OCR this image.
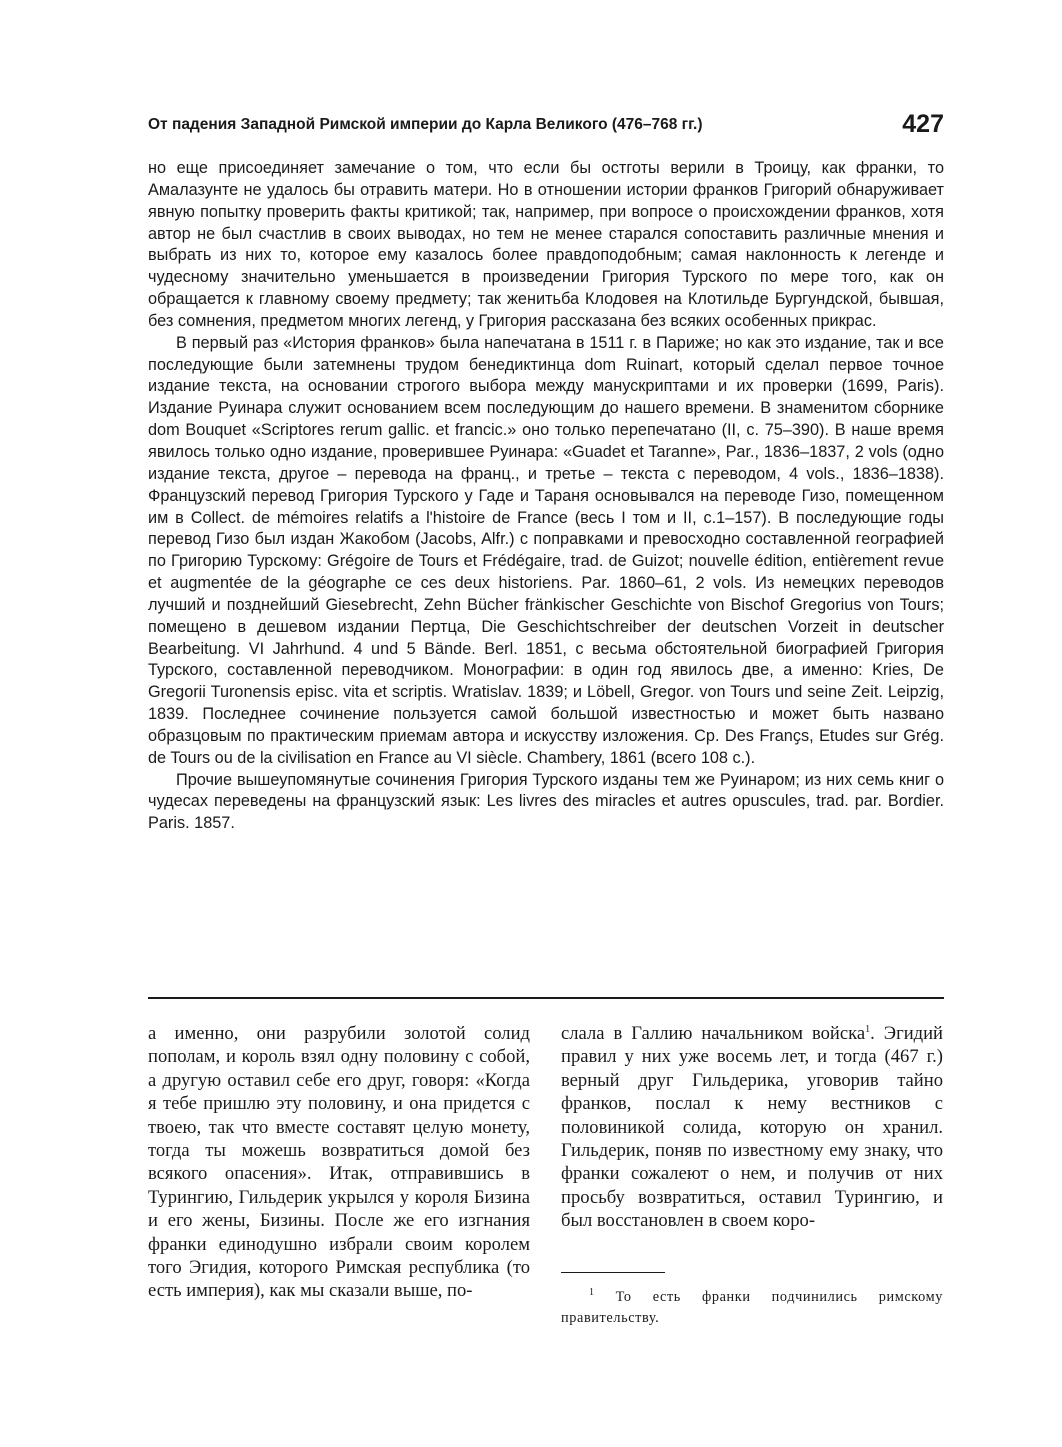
От падения Западной Римской империи до Карла Великого (476–768 гг.)	427

но еще присоединяет замечание о том, что если бы остготы верили в Троицу, как франки, то Амалазунте не удалось бы отравить матери. Но в отношении истории франков Григорий обнаруживает явную попытку проверить факты критикой; так, например, при вопросе о происхождении франков, хотя автор не был счастлив в своих выводах, но тем не менее старался сопоставить различные мнения и выбрать из них то, которое ему казалось более правдоподобным; самая наклонность к легенде и чудесному значительно уменьшается в произведении Григория Турского по мере того, как он обращается к главному своему предмету; так женитьба Клодовея на Клотильде Бургундской, бывшая, без сомнения, предметом многих легенд, у Григория рассказана без всяких особенных прикрас.

В первый раз «История франков» была напечатана в 1511 г. в Париже; но как это издание, так и все последующие были затемнены трудом бенедиктинца dom Ruinart, который сделал первое точное издание текста, на основании строгого выбора между манускриптами и их проверки (1699, Paris). Издание Руинара служит основанием всем последующим до нашего времени. В знаменитом сборнике dom Bouquet «Scriptores rerum gallic. et francic.» оно только перепечатано (II, с. 75–390). В наше время явилось только одно издание, проверившее Руинара: «Guadet et Taranne», Par., 1836–1837, 2 vols (одно издание текста, другое – перевода на франц., и третье – текста с переводом, 4 vols., 1836–1838). Французский перевод Григория Турского у Гаде и Тараня основывался на переводе Гизо, помещенном им в Collect. de mémoires relatifs a l'histoire de France (весь I том и II, с.1–157). В последующие годы перевод Гизо был издан Жакобом (Jacobs, Alfr.) с поправками и превосходно составленной географией по Григорию Турскому: Grégoire de Tours et Frédégaire, trad. de Guizot; nouvelle édition, entièrement revue et augmentée de la géographe ce ces deux historiens. Par. 1860–61, 2 vols. Из немецких переводов лучший и позднейший Giesebrecht, Zehn Bücher fränkischer Geschichte von Bischof Gregorius von Tours; помещено в дешевом издании Пертца, Die Geschichtschreiber der deutschen Vorzeit in deutscher Bearbeitung. VI Jahrhund. 4 und 5 Bände. Berl. 1851, с весьма обстоятельной биографией Григория Турского, составленной переводчиком. Монографии: в один год явилось две, а именно: Kries, De Gregorii Turonensis episc. vita et scriptis. Wratislav. 1839; и Löbell, Gregor. von Tours und seine Zeit. Leipzig, 1839. Последнее сочинение пользуется самой большой известностью и может быть названо образцовым по практическим приемам автора и искусству изложения. Cp. Des Franҫs, Etudes sur Grég. de Tours ou de la civilisation en France au VI siècle. Chambery, 1861 (всего 108 с.).

Прочие вышеупомянутые сочинения Григория Турского изданы тем же Руинаром; из них семь книг о чудесах переведены на французский язык: Les livres des miracles et autres opuscules, trad. par. Bordier. Paris. 1857.

а именно, они разрубили золотой солид пополам, и король взял одну половину с собой, а другую оставил себе его друг, говоря: «Когда я тебе пришлю эту половину, и она придется с твоею, так что вместе составят целую монету, тогда ты можешь возвратиться домой без всякого опасения». Итак, отправившись в Турингию, Гильдерик укрылся у короля Бизина и его жены, Бизины. После же его изгнания франки единодушно избрали своим королем того Эгидия, которого Римская республика (то есть империя), как мы сказали выше, по-

слала в Галлию начальником войска$^1$. Эгидий правил у них уже восемь лет, и тогда (467 г.) верный друг Гильдерика, уговорив тайно франков, послал к нему вестников с половиникой солида, которую он хранил. Гильдерик, поняв по известному ему знаку, что франки сожалеют о нем, и получив от них просьбу возвратиться, оставил Турингию, и был восстановлен в своем коро-

$^1$ То есть франки подчинились римскому правительству.
